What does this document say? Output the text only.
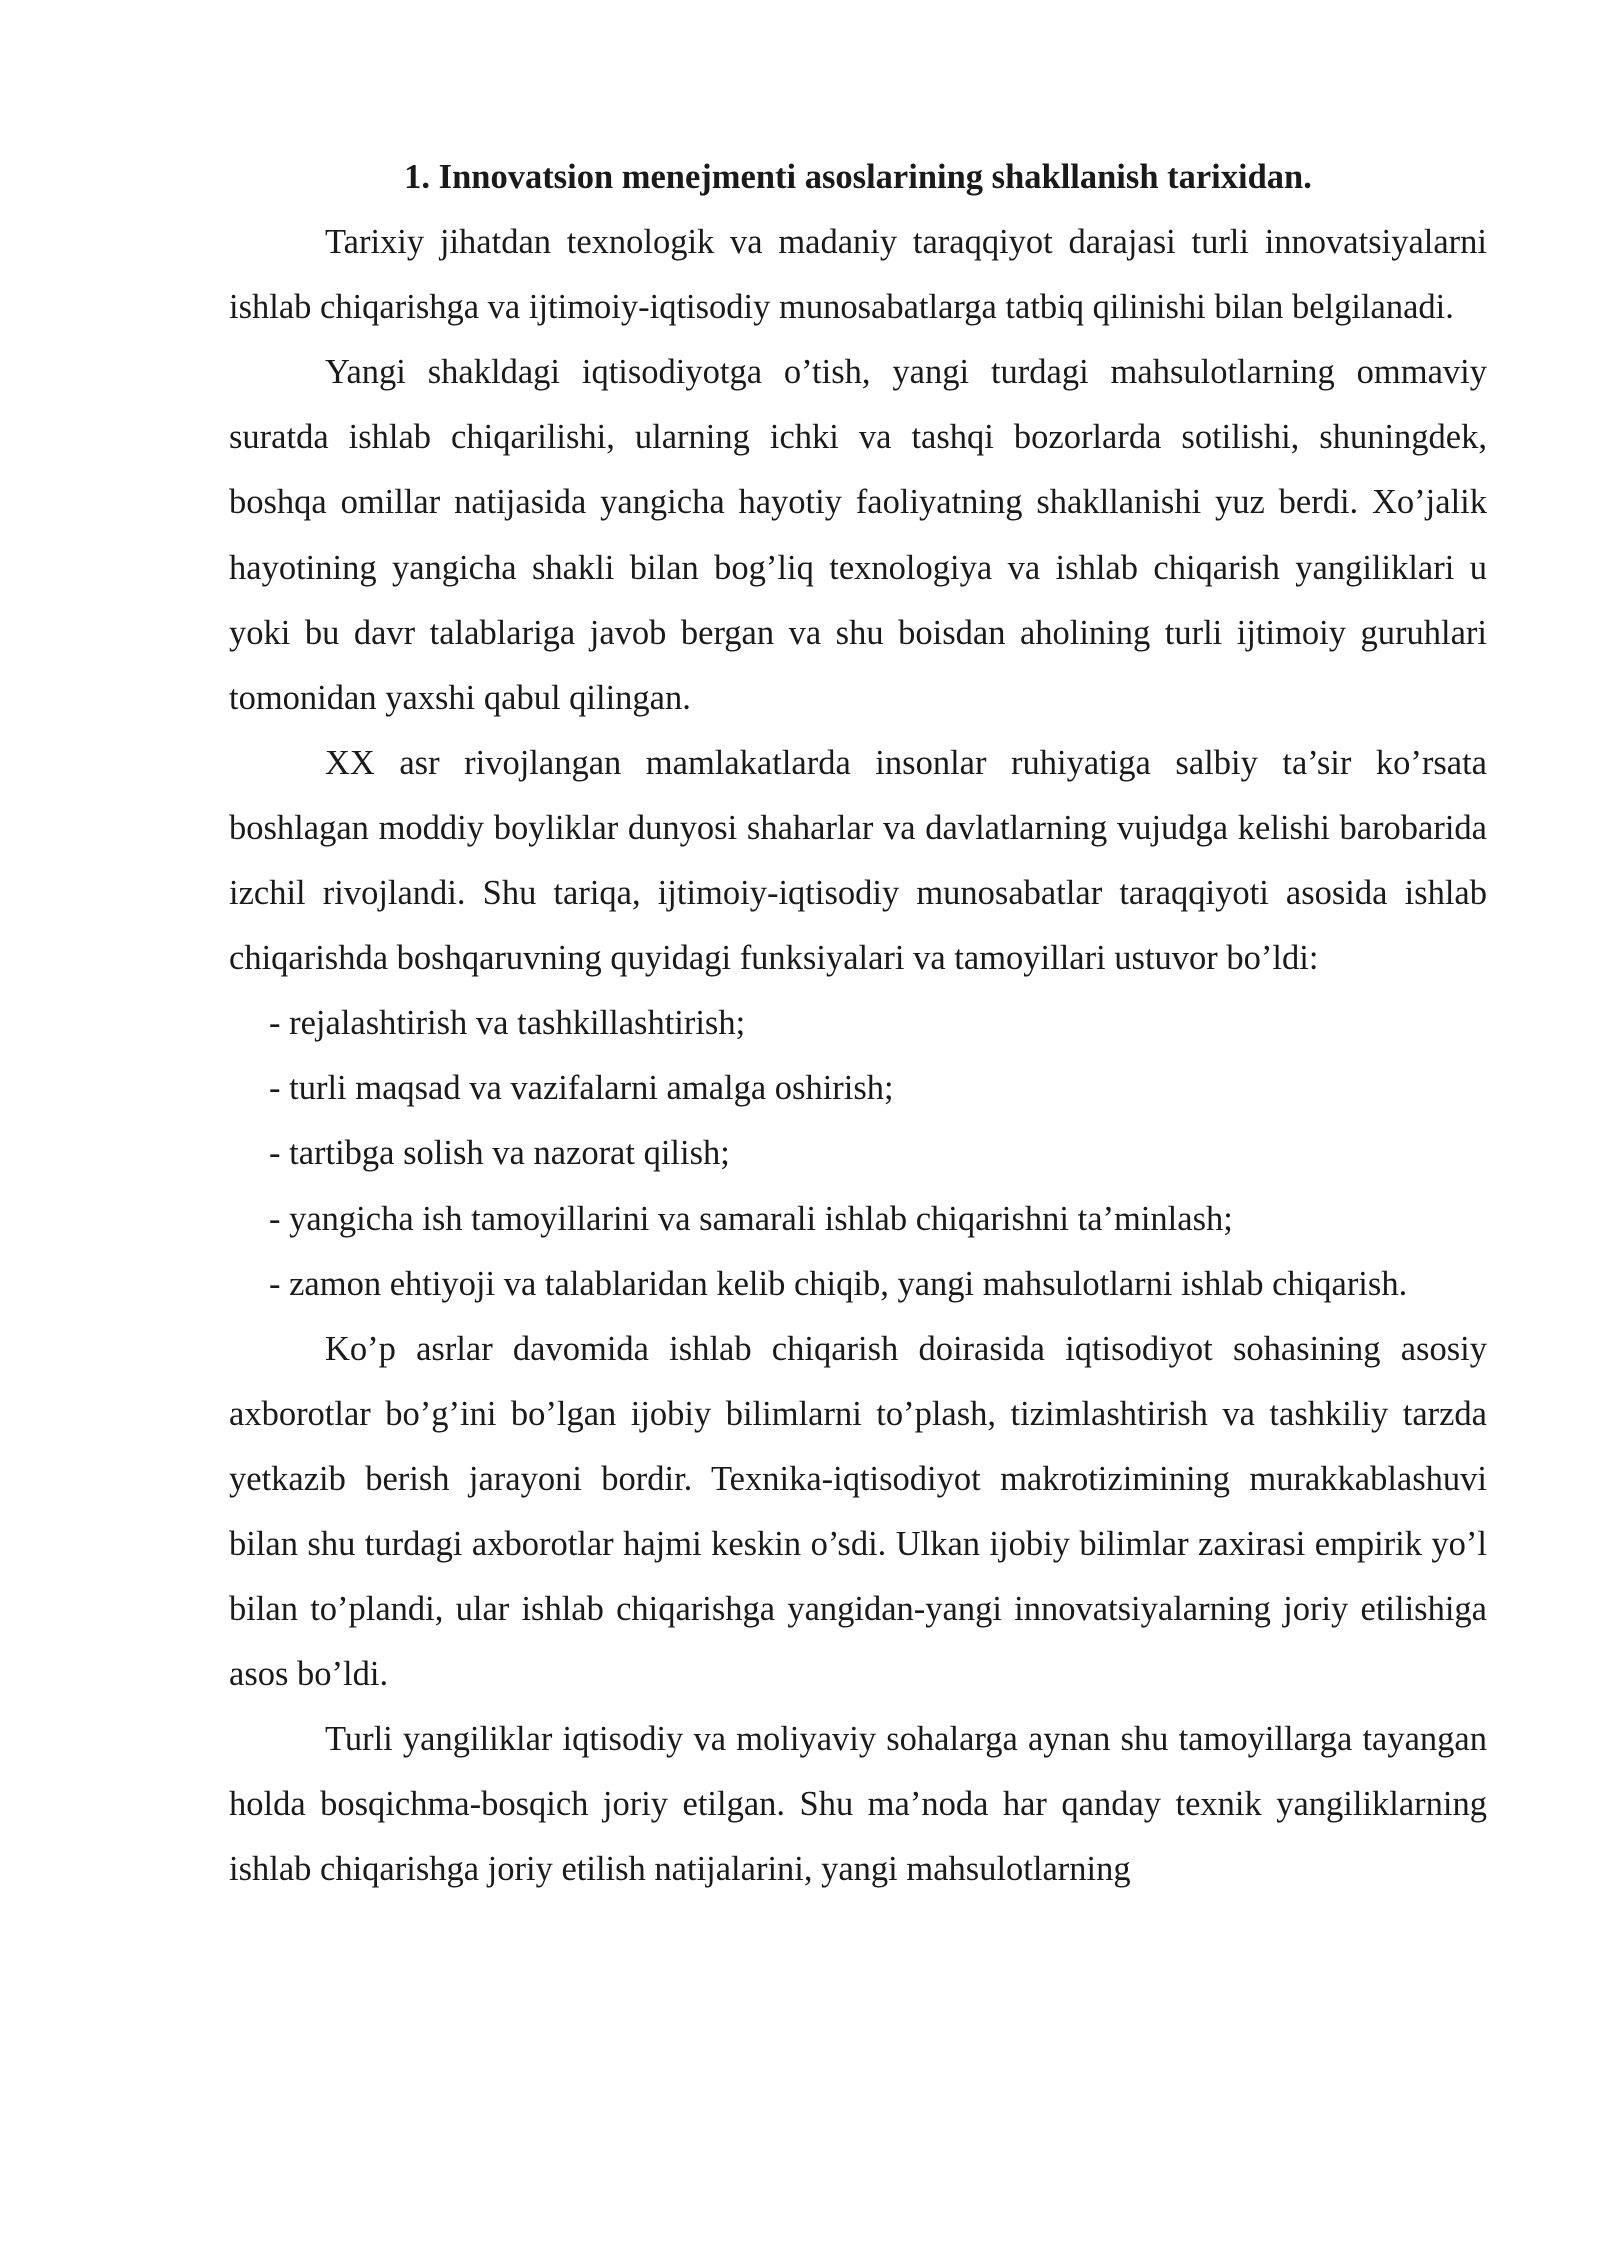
1. Innovatsion menejmenti asoslarining shakllanish tarixidan.

Tarixiy jihatdan texnologik va madaniy taraqqiyot darajasi turli innovatsiyalarni ishlab chiqarishga va ijtimoiy-iqtisodiy munosabatlarga tatbiq qilinishi bilan belgilanadi.

Yangi shakldagi iqtisodiyotga o’tish, yangi turdagi mahsulotlarning ommaviy suratda ishlab chiqarilishi, ularning ichki va tashqi bozorlarda sotilishi, shuningdek, boshqa omillar natijasida yangicha hayotiy faoliyatning shakllanishi yuz berdi. Xo’jalik hayotining yangicha shakli bilan bog’liq texnologiya va ishlab chiqarish yangiliklari u yoki bu davr talablariga javob bergan va shu boisdan aholining turli ijtimoiy guruhlari tomonidan yaxshi qabul qilingan.

XX asr rivojlangan mamlakatlarda insonlar ruhiyatiga salbiy ta’sir ko’rsata boshlagan moddiy boyliklar dunyosi shaharlar va davlatlarning vujudga kelishi barobarida izchil rivojlandi. Shu tariqa, ijtimoiy-iqtisodiy munosabatlar taraqqiyoti asosida ishlab chiqarishda boshqaruvning quyidagi funksiyalari va tamoyillari ustuvor bo’ldi:

- rejalashtirish va tashkillashtirish;

- turli maqsad va vazifalarni amalga oshirish;

- tartibga solish va nazorat qilish;

- yangicha ish tamoyillarini va samarali ishlab chiqarishni ta’minlash;

- zamon ehtiyoji va talablaridan kelib chiqib, yangi mahsulotlarni ishlab chiqarish.

Ko’p asrlar davomida ishlab chiqarish doirasida iqtisodiyot sohasining asosiy axborotlar bo’g’ini bo’lgan ijobiy bilimlarni to’plash, tizimlashtirish va tashkiliy tarzda yetkazib berish jarayoni bordir. Texnika-iqtisodiyot makrotizimining murakkablashuvi bilan shu turdagi axborotlar hajmi keskin o’sdi. Ulkan ijobiy bilimlar zaxirasi empirik yo’l bilan to’plandi, ular ishlab chiqarishga yangidan-yangi innovatsiyalarning joriy etilishiga asos bo’ldi.

Turli yangiliklar iqtisodiy va moliyaviy sohalarga aynan shu tamoyillarga tayangan holda bosqichma-bosqich joriy etilgan. Shu ma’noda har qanday texnik yangiliklarning ishlab chiqarishga joriy etilish natijalarini, yangi mahsulotlarning
